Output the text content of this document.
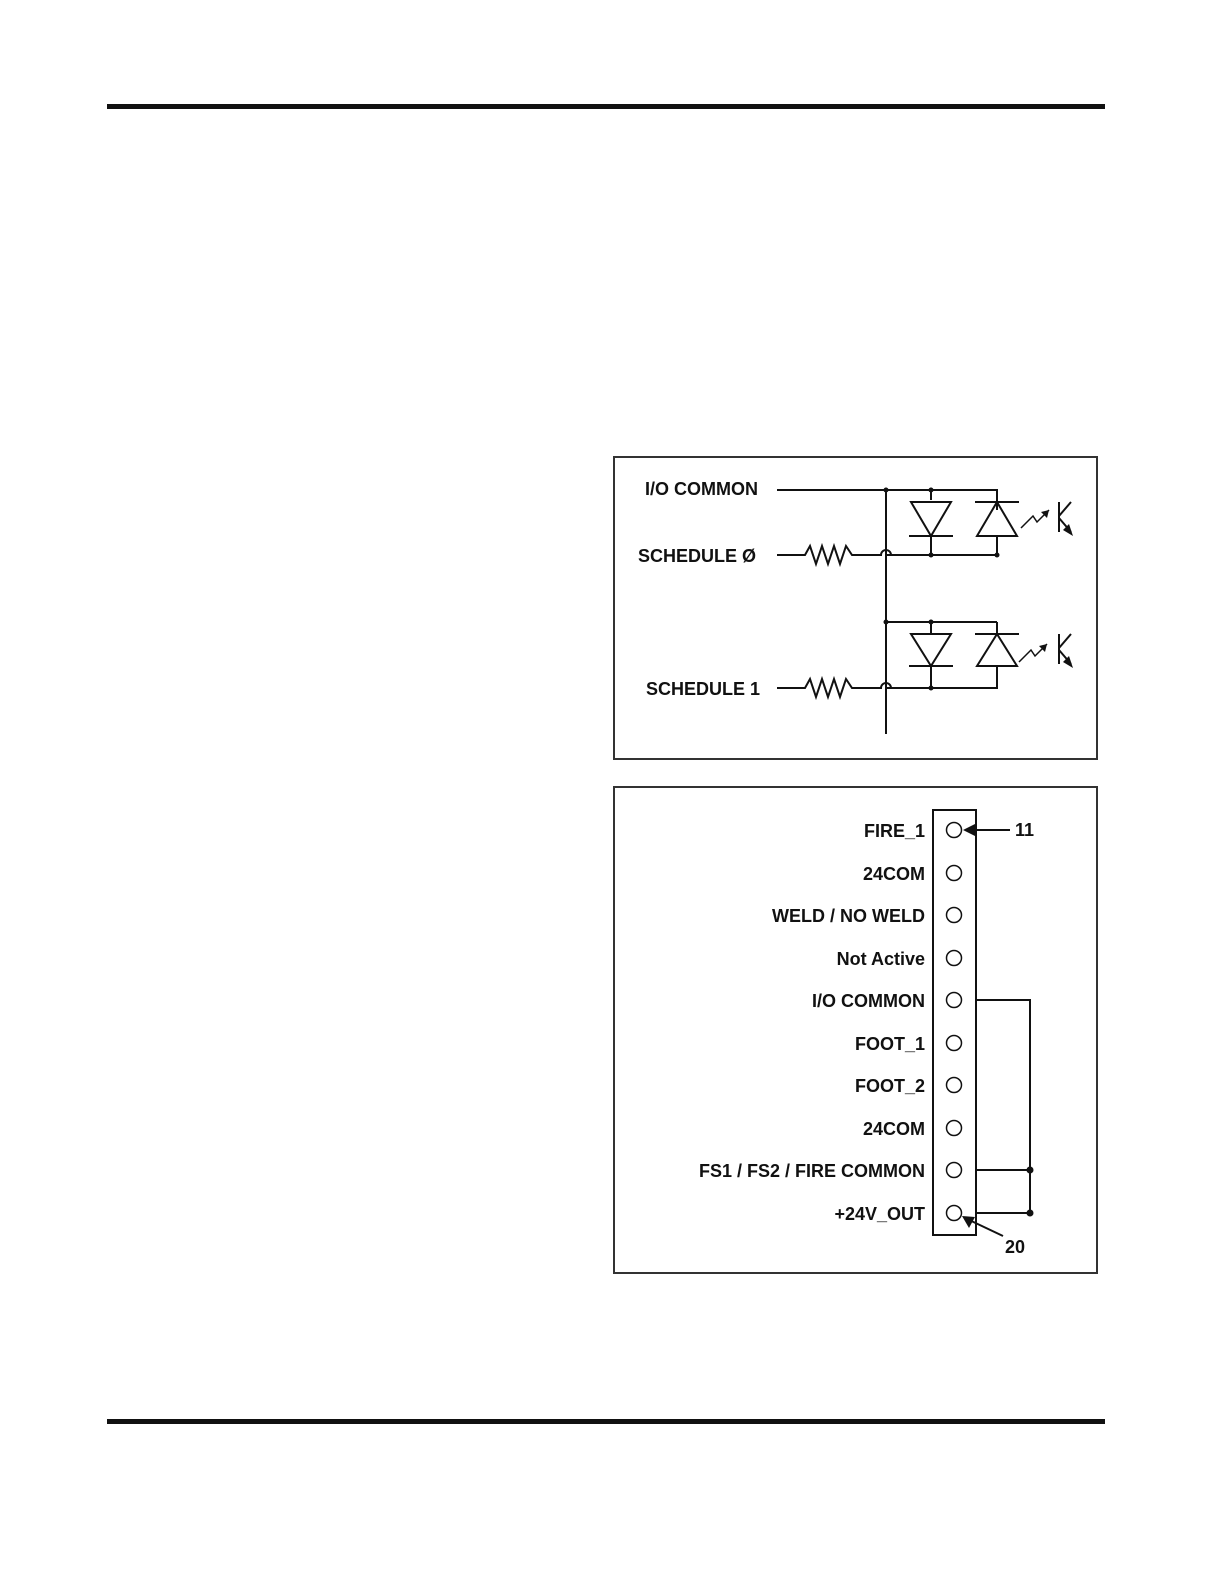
I/O COMMON
SCHEDULE Ø
SCHEDULE 1
FIRE_1
24COM
WELD / NO WELD
Not Active
I/O COMMON
FOOT_1
FOOT_2
24COM
FS1 / FS2 / FIRE COMMON
+24V_OUT
11
20
